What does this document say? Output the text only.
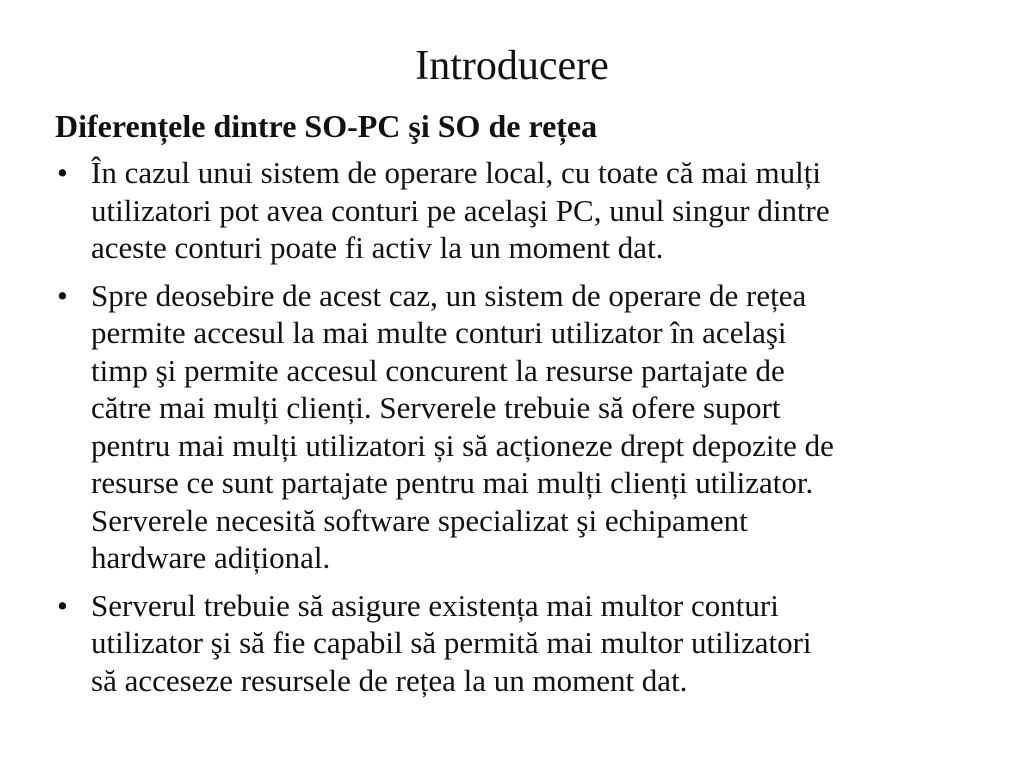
Introducere
Diferențele dintre SO-PC şi SO de rețea
• În cazul unui sistem de operare local, cu toate că mai mulți
utilizatori pot avea conturi pe acelaşi PC, unul singur dintre
aceste conturi poate fi activ la un moment dat.
• Spre deosebire de acest caz, un sistem de operare de rețea
permite accesul la mai multe conturi utilizator în acelaşi
timp şi permite accesul concurent la resurse partajate de
către mai mulți clienți. Serverele trebuie să ofere suport
pentru mai mulți utilizatori și să acționeze drept depozite de
resurse ce sunt partajate pentru mai mulți clienți utilizator.
Serverele necesită software specializat şi echipament
hardware adițional.
• Serverul trebuie să asigure existența mai multor conturi
utilizator şi să fie capabil să permită mai multor utilizatori
să acceseze resursele de rețea la un moment dat.
